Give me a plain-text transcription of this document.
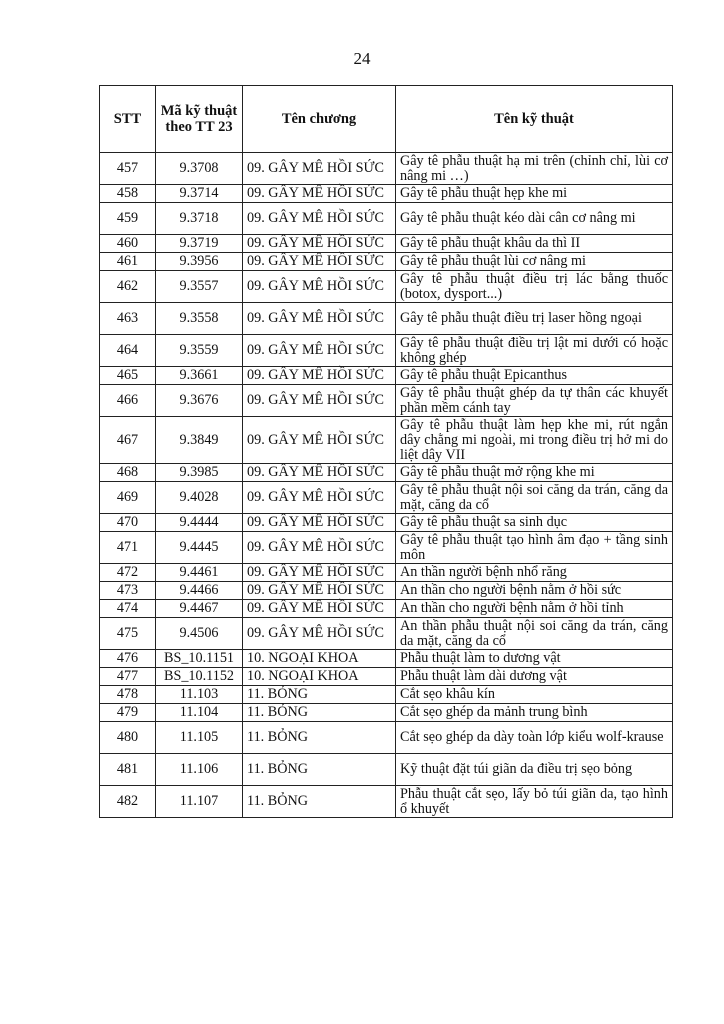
24
STT	Mã kỹ thuật theo TT 23	Tên chương	Tên kỹ thuật
457	9.3708	09. GÂY MÊ HỒI SỨC	Gây tê phẫu thuật hạ mi trên (chỉnh chỉ, lùi cơ nâng mi …)
458	9.3714	09. GÂY MÊ HỒI SỨC	Gây tê phẫu thuật hẹp khe mi
459	9.3718	09. GÂY MÊ HỒI SỨC	Gây tê phẫu thuật kéo dài cân cơ nâng mi
460	9.3719	09. GÂY MÊ HỒI SỨC	Gây tê phẫu thuật khâu da thì II
461	9.3956	09. GÂY MÊ HỒI SỨC	Gây tê phẫu thuật lùi cơ nâng mi
462	9.3557	09. GÂY MÊ HỒI SỨC	Gây tê phẫu thuật điều trị lác bằng thuốc (botox, dysport...)
463	9.3558	09. GÂY MÊ HỒI SỨC	Gây tê phẫu thuật điều trị laser hồng ngoại
464	9.3559	09. GÂY MÊ HỒI SỨC	Gây tê phẫu thuật điều trị lật mi dưới có hoặc không ghép
465	9.3661	09. GÂY MÊ HỒI SỨC	Gây tê phẫu thuật Epicanthus
466	9.3676	09. GÂY MÊ HỒI SỨC	Gây tê phẫu thuật ghép da tự thân các khuyết phần mềm cánh tay
467	9.3849	09. GÂY MÊ HỒI SỨC	Gây tê phẫu thuật làm hẹp khe mi, rút ngắn dây chằng mi ngoài, mi trong điều trị hở mi do liệt dây VII
468	9.3985	09. GÂY MÊ HỒI SỨC	Gây tê phẫu thuật mở rộng khe mi
469	9.4028	09. GÂY MÊ HỒI SỨC	Gây tê phẫu thuật nội soi căng da trán, căng da mặt, căng da cổ
470	9.4444	09. GÂY MÊ HỒI SỨC	Gây tê phẫu thuật sa sinh dục
471	9.4445	09. GÂY MÊ HỒI SỨC	Gây tê phẫu thuật tạo hình âm đạo + tầng sinh môn
472	9.4461	09. GÂY MÊ HỒI SỨC	An thần người bệnh nhổ răng
473	9.4466	09. GÂY MÊ HỒI SỨC	An thần cho người bệnh nằm ở hồi sức
474	9.4467	09. GÂY MÊ HỒI SỨC	An thần cho người bệnh nằm ở hồi tỉnh
475	9.4506	09. GÂY MÊ HỒI SỨC	An thần phẫu thuật nội soi căng da trán, căng da mặt, căng da cổ
476	BS_10.1151	10. NGOẠI KHOA	Phẫu thuật làm to dương vật
477	BS_10.1152	10. NGOẠI KHOA	Phẫu thuật làm dài dương vật
478	11.103	11. BỎNG	Cắt sẹo khâu kín
479	11.104	11. BỎNG	Cắt sẹo ghép da mảnh trung bình
480	11.105	11. BỎNG	Cắt sẹo ghép da dày toàn lớp kiểu wolf-krause
481	11.106	11. BỎNG	Kỹ thuật đặt túi giãn da điều trị sẹo bỏng
482	11.107	11. BỎNG	Phẫu thuật cắt sẹo, lấy bỏ túi giãn da, tạo hình ổ khuyết
